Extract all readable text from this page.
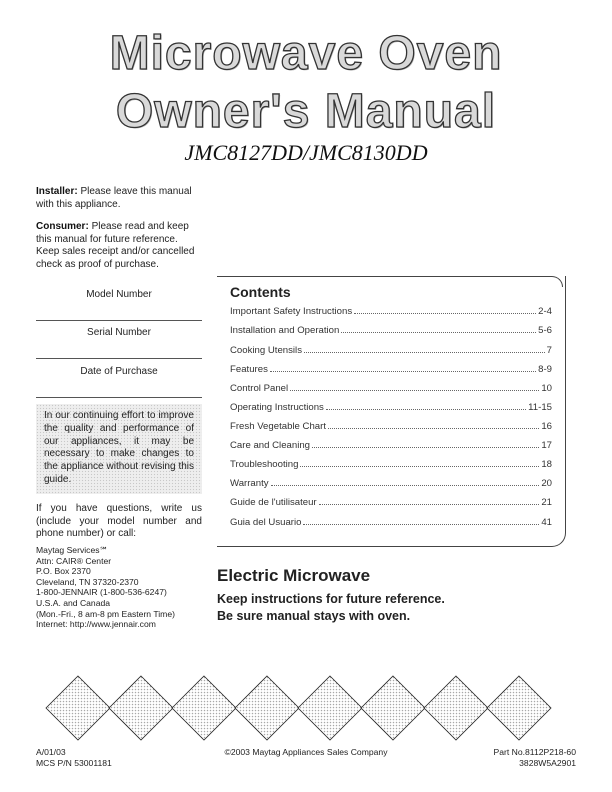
Microwave Oven
Owner's Manual
JMC8127DD/JMC8130DD
Installer: Please leave this manual with this appliance.
Consumer: Please read and keep this manual for future reference. Keep sales receipt and/or cancelled check as proof of purchase.
Model Number
Serial Number
Date of Purchase
In our continuing effort to improve the quality and performance of our appliances, it may be necessary to make changes to the appliance without revising this guide.
If you have questions, write us (include your model number and phone number) or call:
Maytag Services℠
Attn: CAIR® Center
P.O. Box 2370
Cleveland, TN 37320-2370
1-800-JENNAIR (1-800-536-6247)
U.S.A. and Canada
(Mon.-Fri., 8 am-8 pm Eastern Time)
Internet: http://www.jennair.com
Contents
Important Safety Instructions	2-4
Installation and Operation	5-6
Cooking Utensils	7
Features	8-9
Control Panel	10
Operating Instructions	11-15
Fresh Vegetable Chart	16
Care and Cleaning	17
Troubleshooting	18
Warranty	20
Guide de l'utilisateur	21
Guia del Usuario	41
Electric Microwave
Keep instructions for future reference.
Be sure manual stays with oven.
A/01/03
MCS P/N 53001181
©2003 Maytag Appliances Sales Company	Part No.8112P218-60
3828W5A2901
